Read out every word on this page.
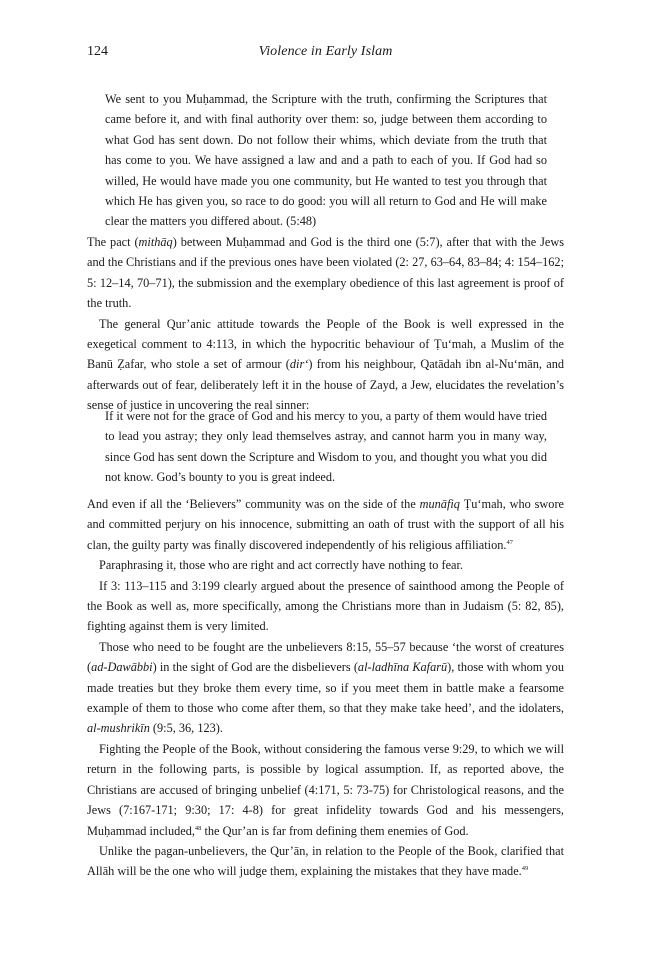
124	Violence in Early Islam

We sent to you Muḥammad, the Scripture with the truth, confirming the Scriptures that came before it, and with final authority over them: so, judge between them according to what God has sent down. Do not follow their whims, which deviate from the truth that has come to you. We have assigned a law and and a path to each of you. If God had so willed, He would have made you one community, but He wanted to test you through that which He has given you, so race to do good: you will all return to God and He will make clear the matters you differed about. (5:48)

The pact (mithāq) between Muḥammad and God is the third one (5:7), after that with the Jews and the Christians and if the previous ones have been violated (2: 27, 63–64, 83–84; 4: 154–162; 5: 12–14, 70–71), the submission and the exemplary obedience of this last agreement is proof of the truth.

The general Qur’anic attitude towards the People of the Book is well expressed in the exegetical comment to 4:113, in which the hypocritic behaviour of Ṭu‘mah, a Muslim of the Banū Ẓafar, who stole a set of armour (dir‘) from his neighbour, Qatādah ibn al-Nu‘mān, and afterwards out of fear, deliberately left it in the house of Zayd, a Jew, elucidates the revelation’s sense of justice in uncovering the real sinner:

If it were not for the grace of God and his mercy to you, a party of them would have tried to lead you astray; they only lead themselves astray, and cannot harm you in many way, since God has sent down the Scripture and Wisdom to you, and thought you what you did not know. God’s bounty to you is great indeed.

And even if all the ‘Believers” community was on the side of the munāfiq Ṭu‘mah, who swore and committed perjury on his innocence, submitting an oath of trust with the support of all his clan, the guilty party was finally discovered independently of his religious affiliation.$^{47}$

Paraphrasing it, those who are right and act correctly have nothing to fear.

If 3: 113–115 and 3:199 clearly argued about the presence of sainthood among the People of the Book as well as, more specifically, among the Christians more than in Judaism (5: 82, 85), fighting against them is very limited.

Those who need to be fought are the unbelievers 8:15, 55–57 because ‘the worst of creatures (ad-Dawābbi) in the sight of God are the disbelievers (al-ladhīna Kafarū), those with whom you made treaties but they broke them every time, so if you meet them in battle make a fearsome example of them to those who come after them, so that they make take heed’, and the idolaters, al-mushrikīn (9:5, 36, 123).

Fighting the People of the Book, without considering the famous verse 9:29, to which we will return in the following parts, is possible by logical assumption. If, as reported above, the Christians are accused of bringing unbelief (4:171, 5: 73-75) for Christological reasons, and the Jews (7:167-171; 9:30; 17: 4-8) for great infidelity towards God and his messengers, Muḥammad included,$^{48}$ the Qur’an is far from defining them enemies of God.

Unlike the pagan-unbelievers, the Qur’ān, in relation to the People of the Book, clarified that Allāh will be the one who will judge them, explaining the mistakes that they have made.$^{49}$
